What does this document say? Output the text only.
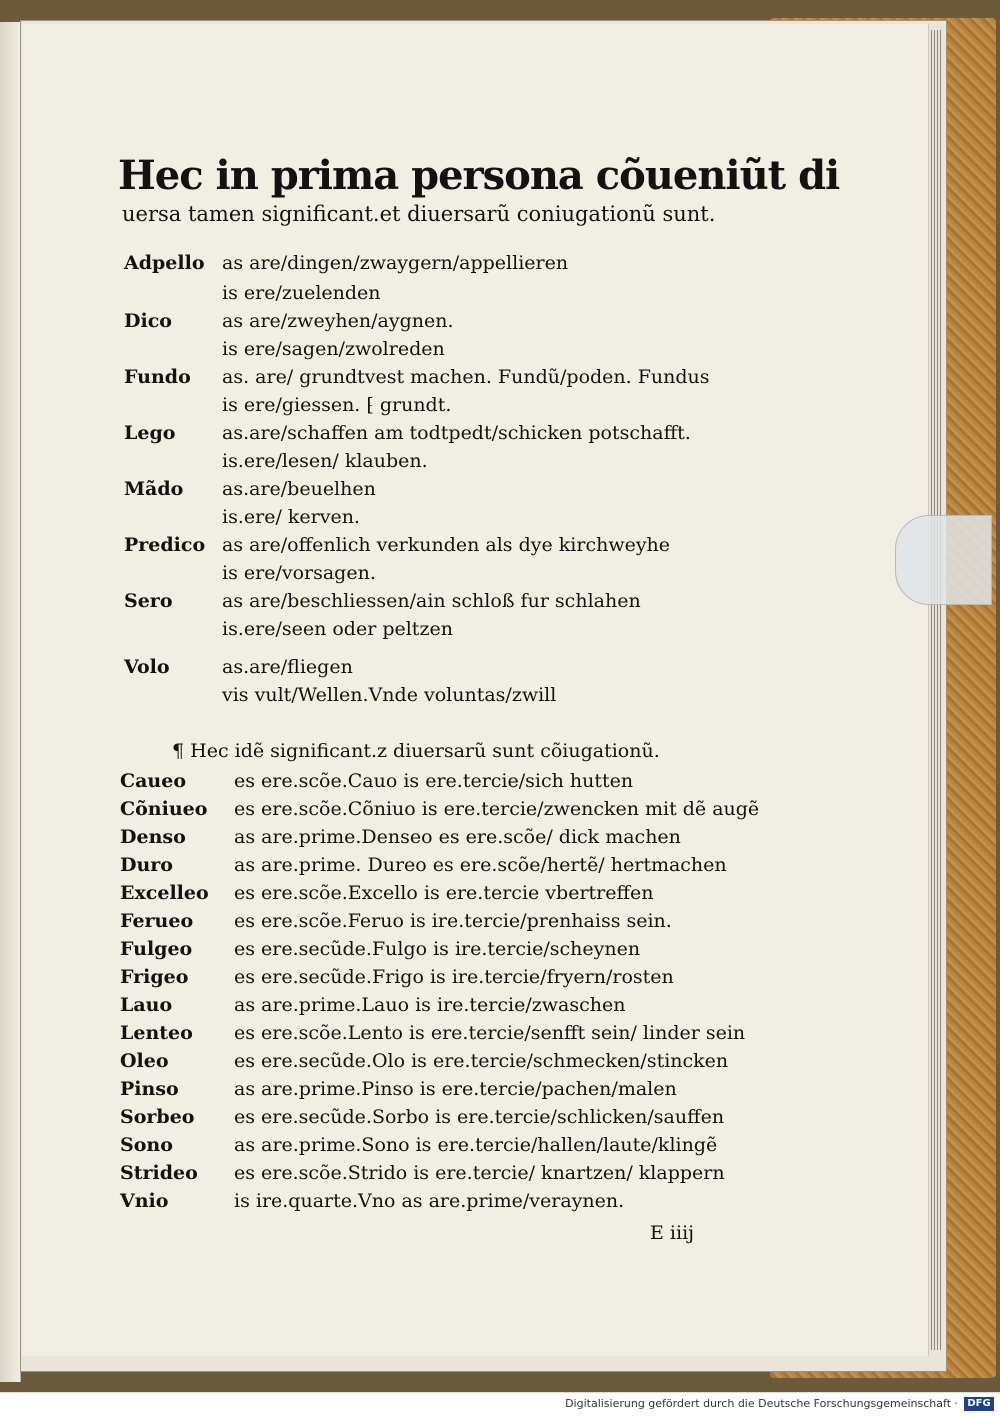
Hec in prima persona cõueniũt di
uersa tamen significant.et diuersarũ coniugationũ sunt.
Adpello as are/dingen/zwaygern/appellieren
is ere/zuelenden
Dico	as are/zweyhen/aygnen.
is ere/sagen/zwolreden
Fundo as. are/ grundtvest machen. Fundũ/poden. Fundus
is ere/giessen. ⁅ grundt.
Lego as.are/schaffen am todtpedt/schicken potschafft.
is.ere/lesen/ klauben.
Mãdo as.are/beuelhen
is.ere/ kerven.
Predico as are/offenlich verkunden als dye kirchweyhe
is ere/vorsagen.
Sero	as are/beschliessen/ain schloß fur schlahen
is.ere/seen oder peltzen
Volo	as.are/fliegen
vis vult/Wellen.Vnde voluntas/zwill
¶ Hec idẽ significant.z diuersarũ sunt cõiugationũ.
Caueo	es ere.scõe.Cauo is ere.tercie/sich hutten
Cõniueo es ere.scõe.Cõniuo is ere.tercie/zwencken mit dẽ augẽ
Denso	as are.prime.Denseo es ere.scõe/ dick machen
Duro	as are.prime. Dureo es ere.scõe/hertẽ/ hertmachen
Excelleo es ere.scõe.Excello is ere.tercie vbertreffen
Ferueo es ere.scõe.Feruo is ire.tercie/prenhaiss sein.
Fulgeo es ere.secũde.Fulgo is ire.tercie/scheynen
Frigeo es ere.secũde.Frigo is ire.tercie/fryern/rosten
Lauo	as are.prime.Lauo is ire.tercie/zwaschen
Lenteo es ere.scõe.Lento is ere.tercie/senfft sein/ linder sein
Oleo	es ere.secũde.Olo is ere.tercie/schmecken/stincken
Pinso	as are.prime.Pinso is ere.tercie/pachen/malen
Sorbeo es ere.secũde.Sorbo is ere.tercie/schlicken/sauffen
Sono	as are.prime.Sono is ere.tercie/hallen/laute/klingẽ
Strideo es ere.scõe.Strido is ere.tercie/ knartzen/ klappern
Vnio	is ire.quarte.Vno as are.prime/veraynen.
E iiij
Digitalisierung gefördert durch die Deutsche Forschungsgemeinschaft · DFG
